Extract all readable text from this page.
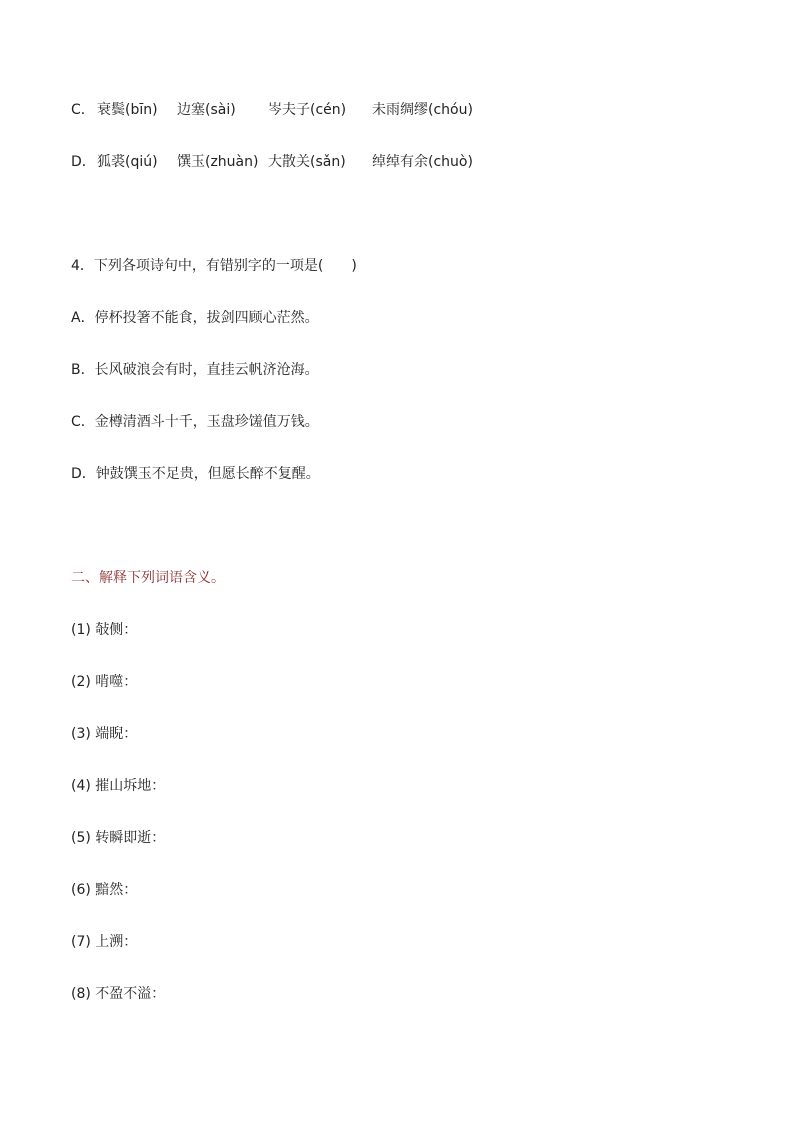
C． 衰鬓(bīn) 边塞(sài) 岑夫子(cén) 未雨绸缪(chóu)
D． 狐裘(qiú) 馔玉(zhuàn) 大散关(sǎn) 绰绰有余(chuò)
4．下列各项诗句中，有错别字的一项是(　　)
A．停杯投箸不能食，拔剑四顾心茫然。
B．长风破浪会有时，直挂云帆济沧海。
C．金樽清酒斗十千，玉盘珍馐值万钱。
D．钟鼓馔玉不足贵，但愿长醉不复醒。
二、解释下列词语含义。
(1) 敧侧：
(2) 啃噬：
(3) 端睨：
(4) 摧山坼地：
(5) 转瞬即逝：
(6) 黯然：
(7) 上溯：
(8) 不盈不溢：
